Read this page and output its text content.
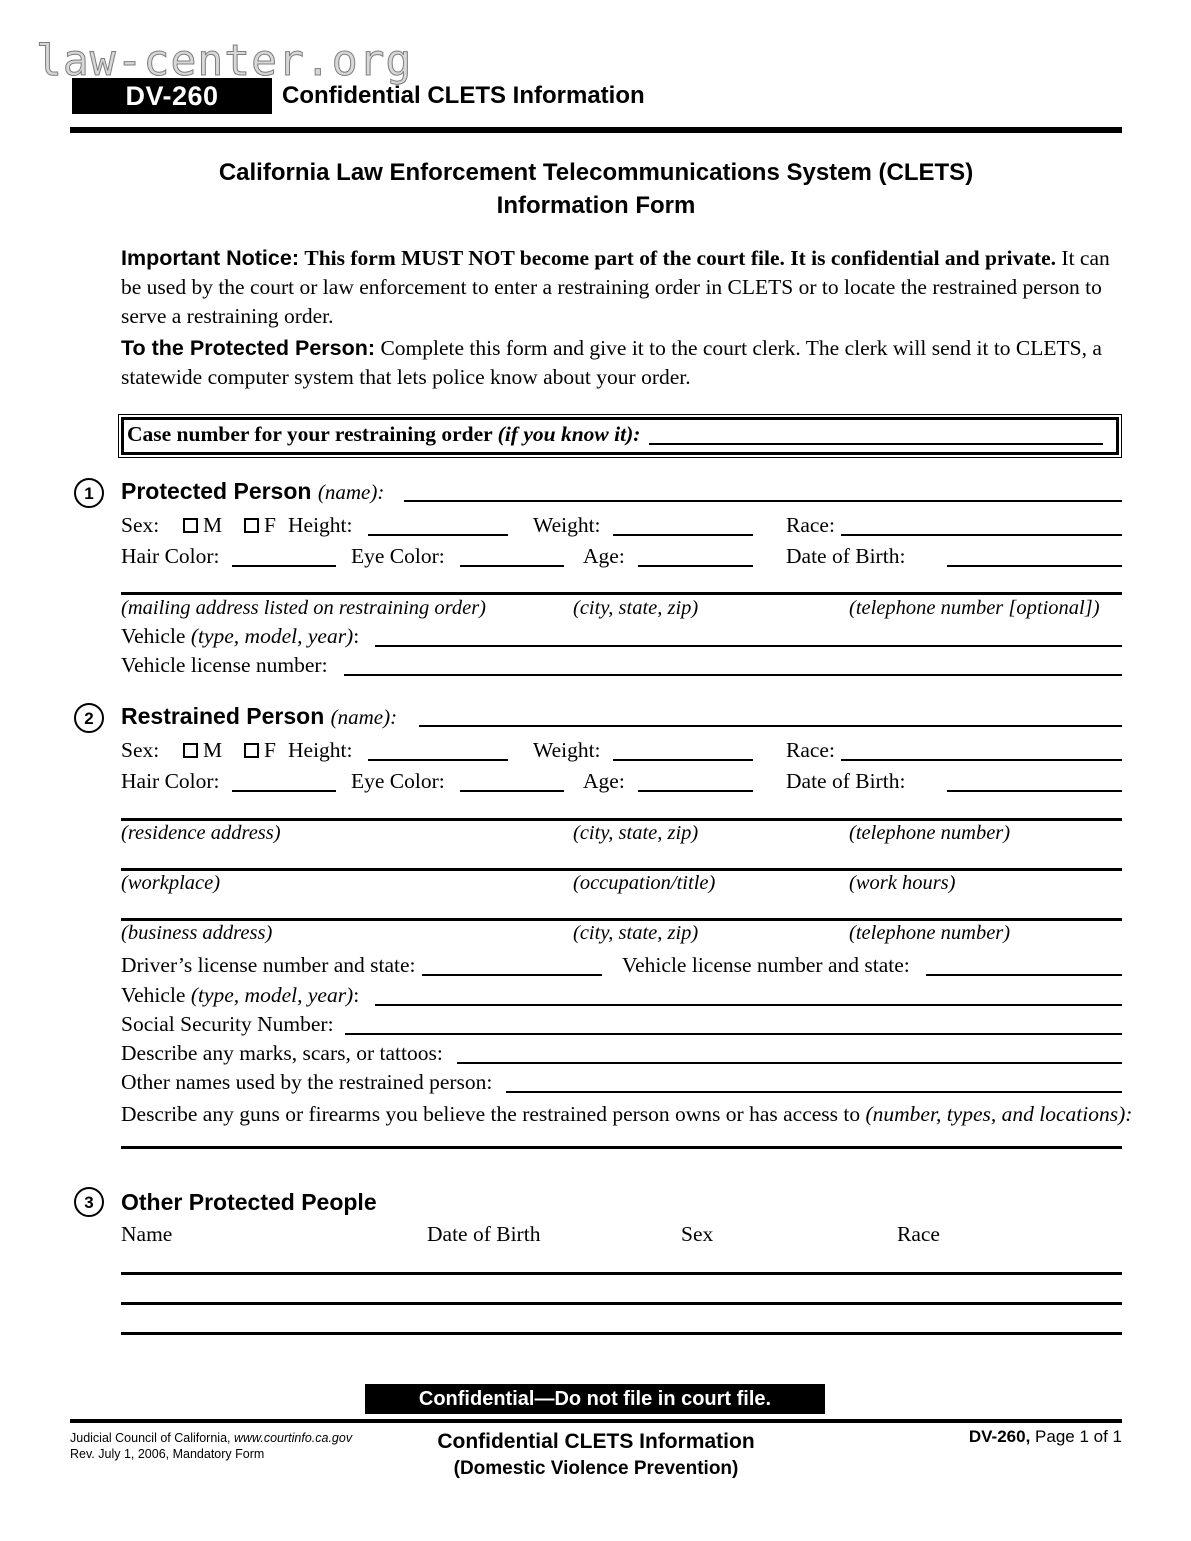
law-center.org
DV-260	Confidential CLETS Information
California Law Enforcement Telecommunications System (CLETS)
Information Form
Important Notice: This form MUST NOT become part of the court file. It is confidential and private. It can be used by the court or law enforcement to enter a restraining order in CLETS or to locate the restrained person to serve a restraining order.
To the Protected Person: Complete this form and give it to the court clerk. The clerk will send it to CLETS, a statewide computer system that lets police know about your order.
Case number for your restraining order (if you know it):
1	Protected Person (name):
Sex: M F Height:	Weight:	Race:
Hair Color:	Eye Color:	Age:	Date of Birth:
(mailing address listed on restraining order)	(city, state, zip)	(telephone number [optional])
Vehicle (type, model, year):
Vehicle license number:
2	Restrained Person (name):
Sex: M F Height:	Weight:	Race:
Hair Color:	Eye Color:	Age:	Date of Birth:
(residence address)	(city, state, zip)	(telephone number)
(workplace)	(occupation/title)	(work hours)
(business address)	(city, state, zip)	(telephone number)
Driver’s license number and state:	Vehicle license number and state:
Vehicle (type, model, year):
Social Security Number:
Describe any marks, scars, or tattoos:
Other names used by the restrained person:
Describe any guns or firearms you believe the restrained person owns or has access to (number, types, and locations):
3	Other Protected People
Name	Date of Birth	Sex	Race
Confidential—Do not file in court file.
Judicial Council of California, www.courtinfo.ca.gov
Rev. July 1, 2006, Mandatory Form
Confidential CLETS Information
(Domestic Violence Prevention)
DV-260, Page 1 of 1
